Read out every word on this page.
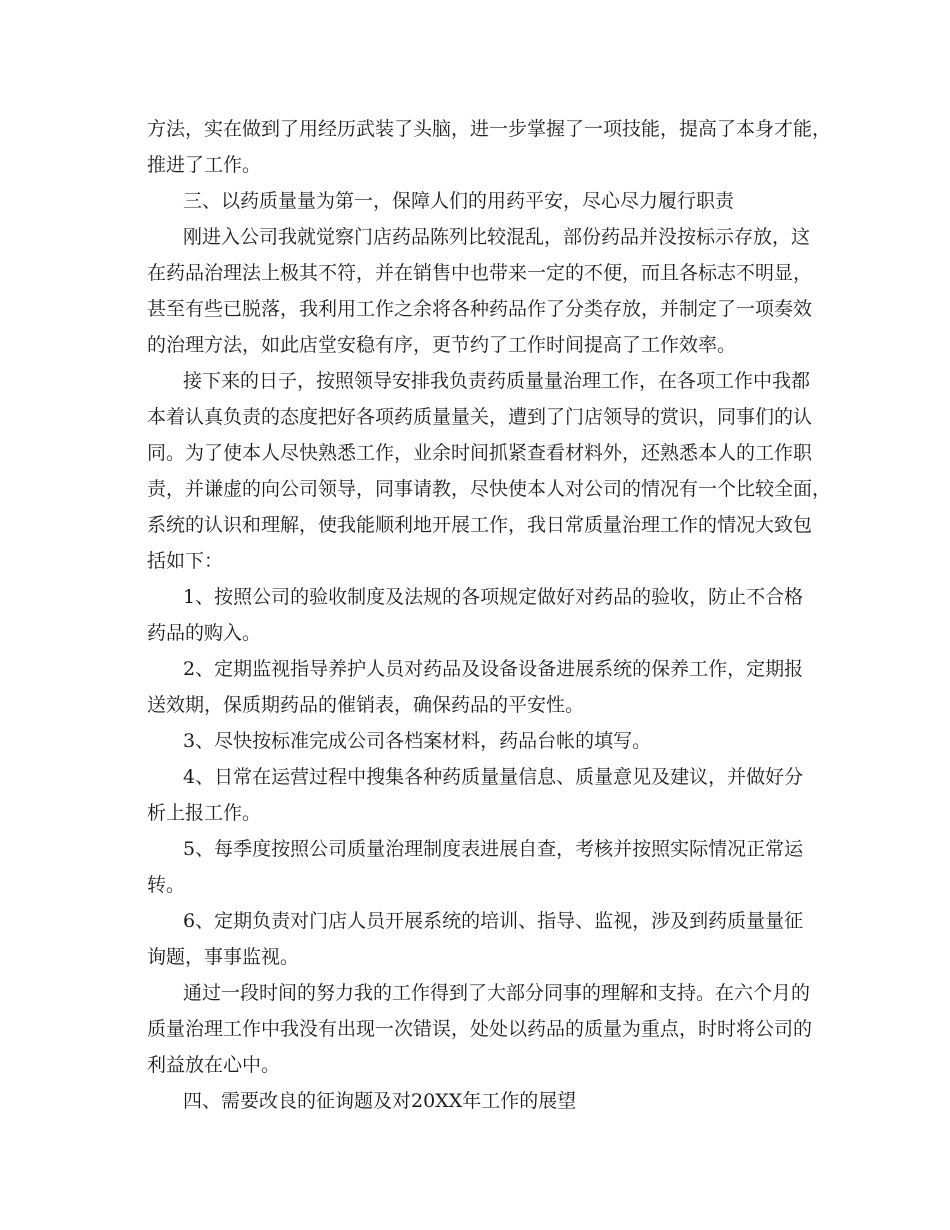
方法，实在做到了用经历武装了头脑，进一步掌握了一项技能，提高了本身才能，
推进了工作。
三、以药质量量为第一，保障人们的用药平安，尽心尽力履行职责
刚进入公司我就觉察门店药品陈列比较混乱，部份药品并没按标示存放，这
在药品治理法上极其不符，并在销售中也带来一定的不便，而且各标志不明显，
甚至有些已脱落，我利用工作之余将各种药品作了分类存放，并制定了一项奏效
的治理方法，如此店堂安稳有序，更节约了工作时间提高了工作效率。
接下来的日子，按照领导安排我负责药质量量治理工作，在各项工作中我都
本着认真负责的态度把好各项药质量量关，遭到了门店领导的赏识，同事们的认
同。为了使本人尽快熟悉工作，业余时间抓紧查看材料外，还熟悉本人的工作职
责，并谦虚的向公司领导，同事请教，尽快使本人对公司的情况有一个比较全面，
系统的认识和理解，使我能顺利地开展工作，我日常质量治理工作的情况大致包
括如下：
1、按照公司的验收制度及法规的各项规定做好对药品的验收，防止不合格
药品的购入。
2、定期监视指导养护人员对药品及设备设备进展系统的保养工作，定期报
送效期，保质期药品的催销表，确保药品的平安性。
3、尽快按标准完成公司各档案材料，药品台帐的填写。
4、日常在运营过程中搜集各种药质量量信息、质量意见及建议，并做好分
析上报工作。
5、每季度按照公司质量治理制度表进展自查，考核并按照实际情况正常运
转。
6、定期负责对门店人员开展系统的培训、指导、监视，涉及到药质量量征
询题，事事监视。
通过一段时间的努力我的工作得到了大部分同事的理解和支持。在六个月的
质量治理工作中我没有出现一次错误，处处以药品的质量为重点，时时将公司的
利益放在心中。
四、需要改良的征询题及对20XX年工作的展望
